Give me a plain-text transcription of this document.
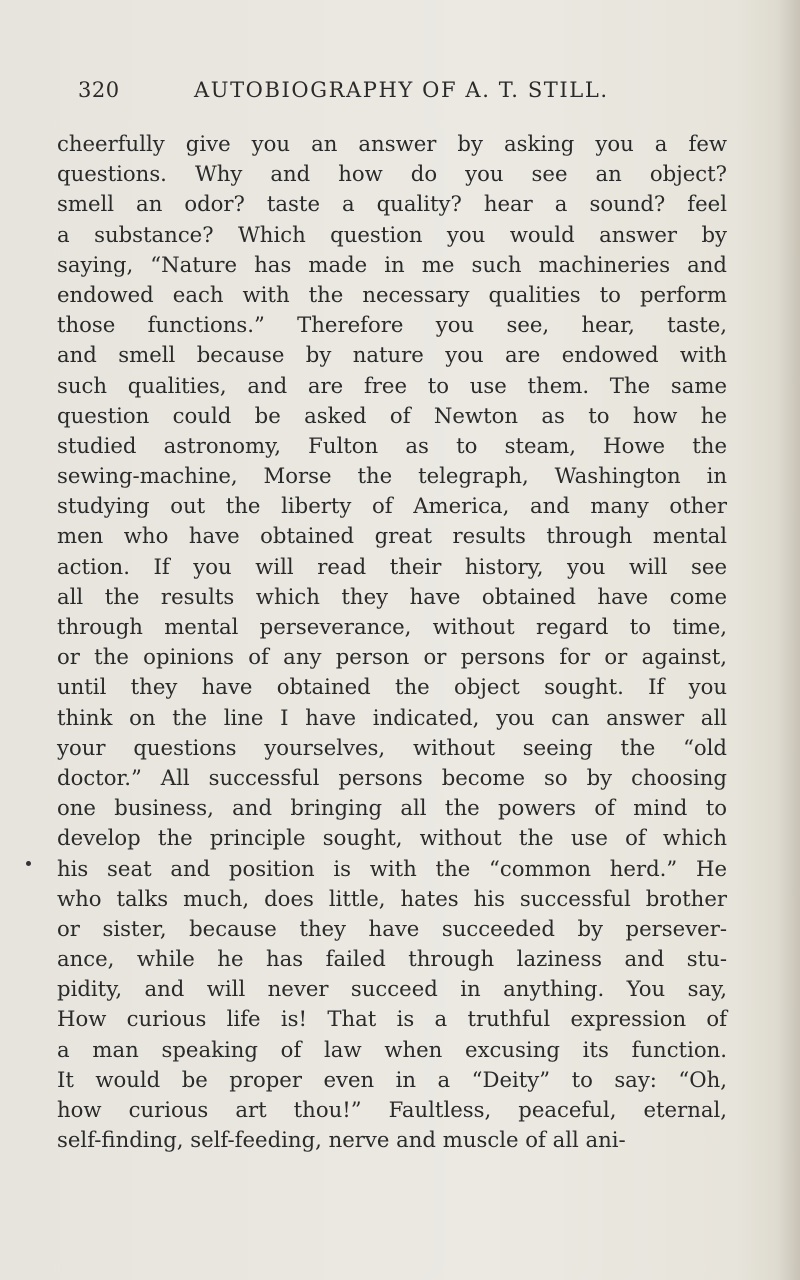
320	AUTOBIOGRAPHY OF A. T. STILL.
cheerfully give you an answer by asking you a few
questions. Why and how do you see an object?
smell an odor? taste a quality? hear a sound? feel
a substance? Which question you would answer by
saying, “Nature has made in me such machineries and
endowed each with the necessary qualities to perform
those functions.” Therefore you see, hear, taste,
and smell because by nature you are endowed with
such qualities, and are free to use them. The same
question could be asked of Newton as to how he
studied astronomy, Fulton as to steam, Howe the
sewing-machine, Morse the telegraph, Washington in
studying out the liberty of America, and many other
men who have obtained great results through mental
action. If you will read their history, you will see
all the results which they have obtained have come
through mental perseverance, without regard to time,
or the opinions of any person or persons for or against,
until they have obtained the object sought. If you
think on the line I have indicated, you can answer all
your questions yourselves, without seeing the “old
doctor.” All successful persons become so by choosing
one business, and bringing all the powers of mind to
develop the principle sought, without the use of which
his seat and position is with the “common herd.” He
who talks much, does little, hates his successful brother
or sister, because they have succeeded by persever-
ance, while he has failed through laziness and stu-
pidity, and will never succeed in anything. You say,
How curious life is! That is a truthful expression of
a man speaking of law when excusing its function.
It would be proper even in a “Deity” to say: “Oh,
how curious art thou!” Faultless, peaceful, eternal,
self-finding, self-feeding, nerve and muscle of all ani-
